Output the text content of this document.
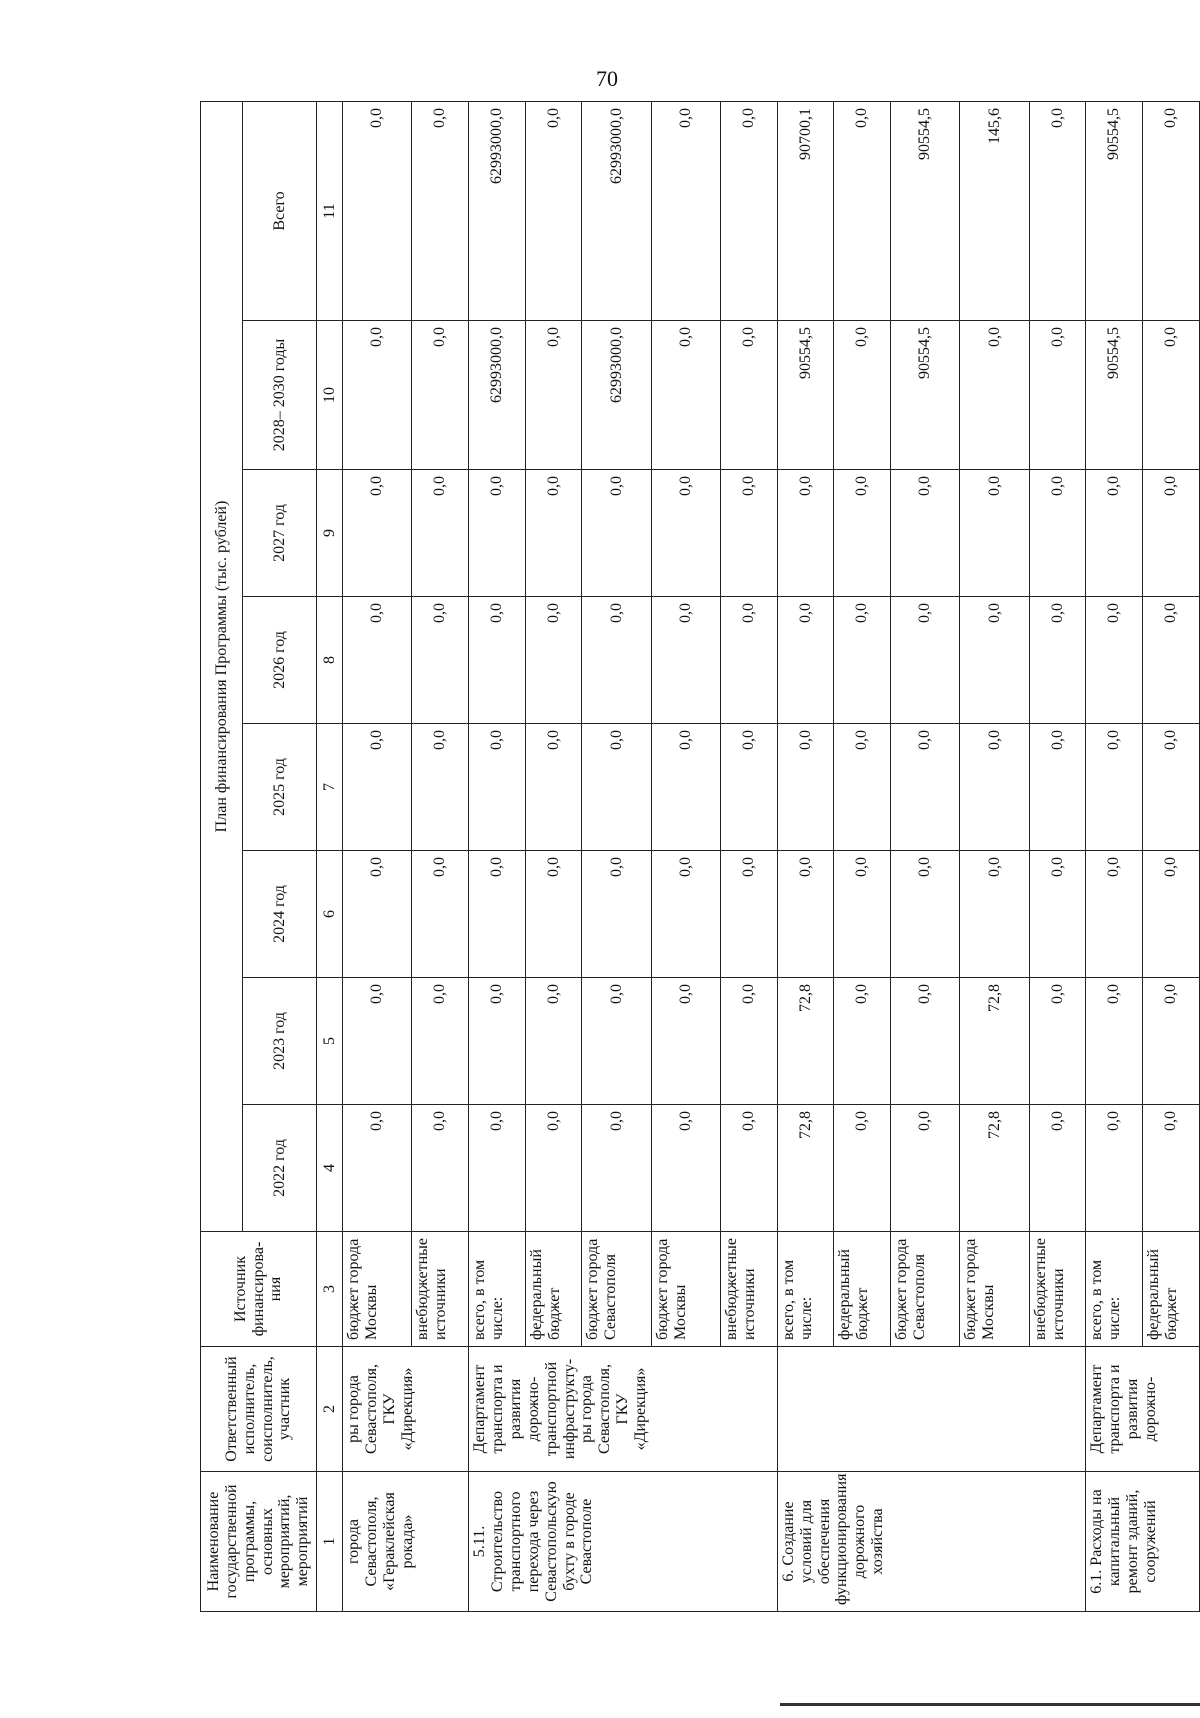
70
Наименование государственной программы, основных мероприятий, мероприятий	Ответственный исполнитель, соисполнитель, участник	Источник финансирова- ния	План финансирования Программы (тыс. рублей)							
			2022 год	2023 год	2024 год	2025 год	2026 год	2027 год	2028– 2030 годы	Всего
1	2	3	4	5	6	7	8	9	10	11
города Севастополя, «Гераклейская рокада»	ры города Севастополя, ГКУ «Дирекция»	бюджет города Москвы	0,0	0,0	0,0	0,0	0,0	0,0	0,0	0,0
		внебюджетные источники	0,0	0,0	0,0	0,0	0,0	0,0	0,0	0,0
5.11. Строительство транспортного перехода через Севастопольскую бухту в городе Севастополе	Департамент транспорта и развития дорожно- транспортной инфраструкту- ры города Севастополя, ГКУ «Дирекция»	всего, в том числе:	0,0	0,0	0,0	0,0	0,0	0,0	62993000,0	62993000,0
		федеральный бюджет	0,0	0,0	0,0	0,0	0,0	0,0	0,0	0,0
		бюджет города Севастополя	0,0	0,0	0,0	0,0	0,0	0,0	62993000,0	62993000,0
		бюджет города Москвы	0,0	0,0	0,0	0,0	0,0	0,0	0,0	0,0
		внебюджетные источники	0,0	0,0	0,0	0,0	0,0	0,0	0,0	0,0
6. Создание условий для обеспечения функционирования дорожного хозяйства		всего, в том числе:	72,8	72,8	0,0	0,0	0,0	0,0	90554,5	90700,1
		федеральный бюджет	0,0	0,0	0,0	0,0	0,0	0,0	0,0	0,0
		бюджет города Севастополя	0,0	0,0	0,0	0,0	0,0	0,0	90554,5	90554,5
		бюджет города Москвы	72,8	72,8	0,0	0,0	0,0	0,0	0,0	145,6
		внебюджетные источники	0,0	0,0	0,0	0,0	0,0	0,0	0,0	0,0
6.1. Расходы на капитальный ремонт зданий, сооружений	Департамент транспорта и развития дорожно-	всего, в том числе:	0,0	0,0	0,0	0,0	0,0	0,0	90554,5	90554,5
		федеральный бюджет	0,0	0,0	0,0	0,0	0,0	0,0	0,0	0,0
